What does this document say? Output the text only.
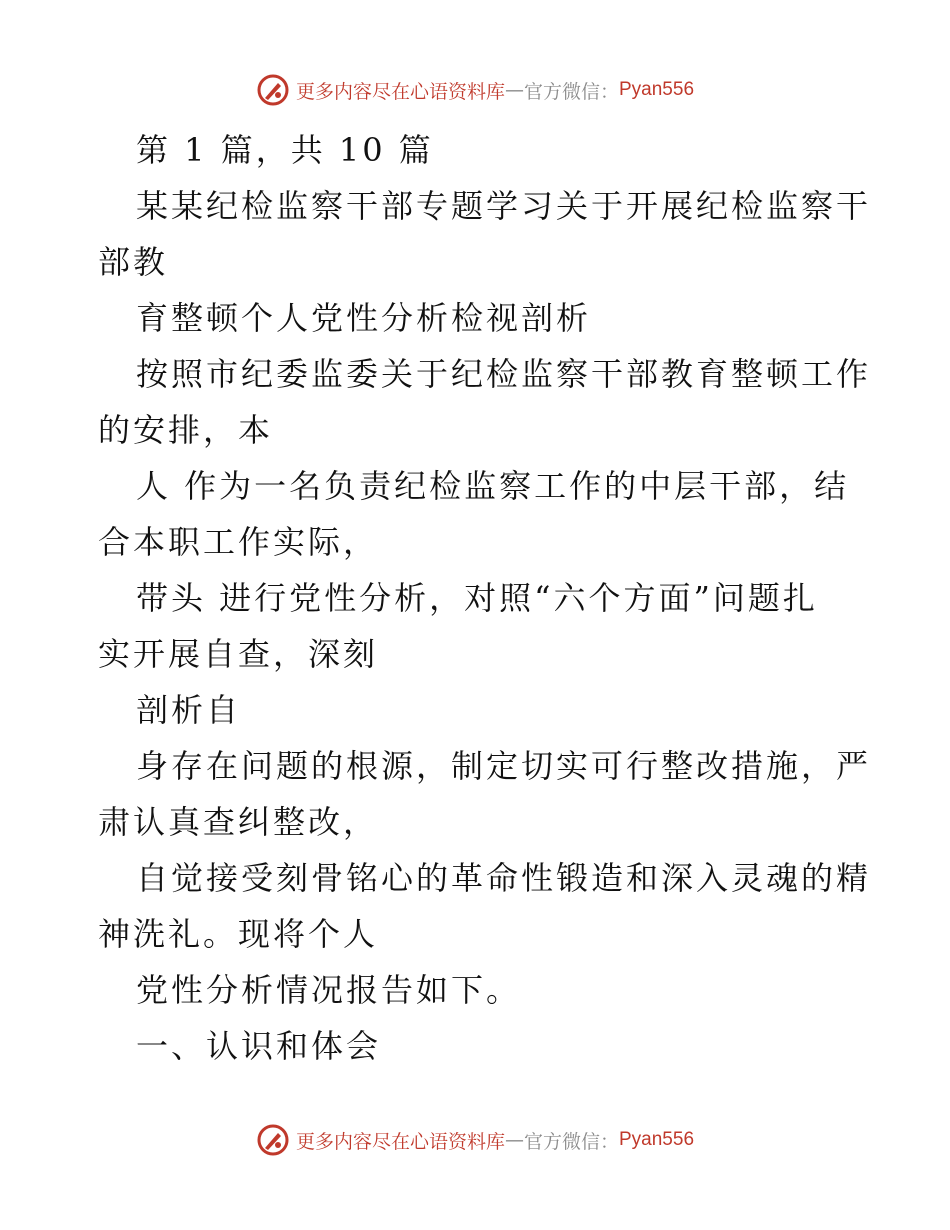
更多内容尽在心语资料库 — 官方微信： Pyan556
第 1 篇，共 10 篇
某某纪检监察干部专题学习关于开展纪检监察干
部教
育整顿个人党性分析检视剖析
按照市纪委监委关于纪检监察干部教育整顿工作
的安排，本
人 作为一名负责纪检监察工作的中层干部，结
合本职工作实际，
带头 进行党性分析，对照“六个方面”问题扎
实开展自查，深刻
剖析自
身存在问题的根源，制定切实可行整改措施，严
肃认真查纠整改，
自觉接受刻骨铭心的革命性锻造和深入灵魂的精
神洗礼。现将个人
党性分析情况报告如下。
一、认识和体会
更多内容尽在心语资料库 — 官方微信： Pyan556
